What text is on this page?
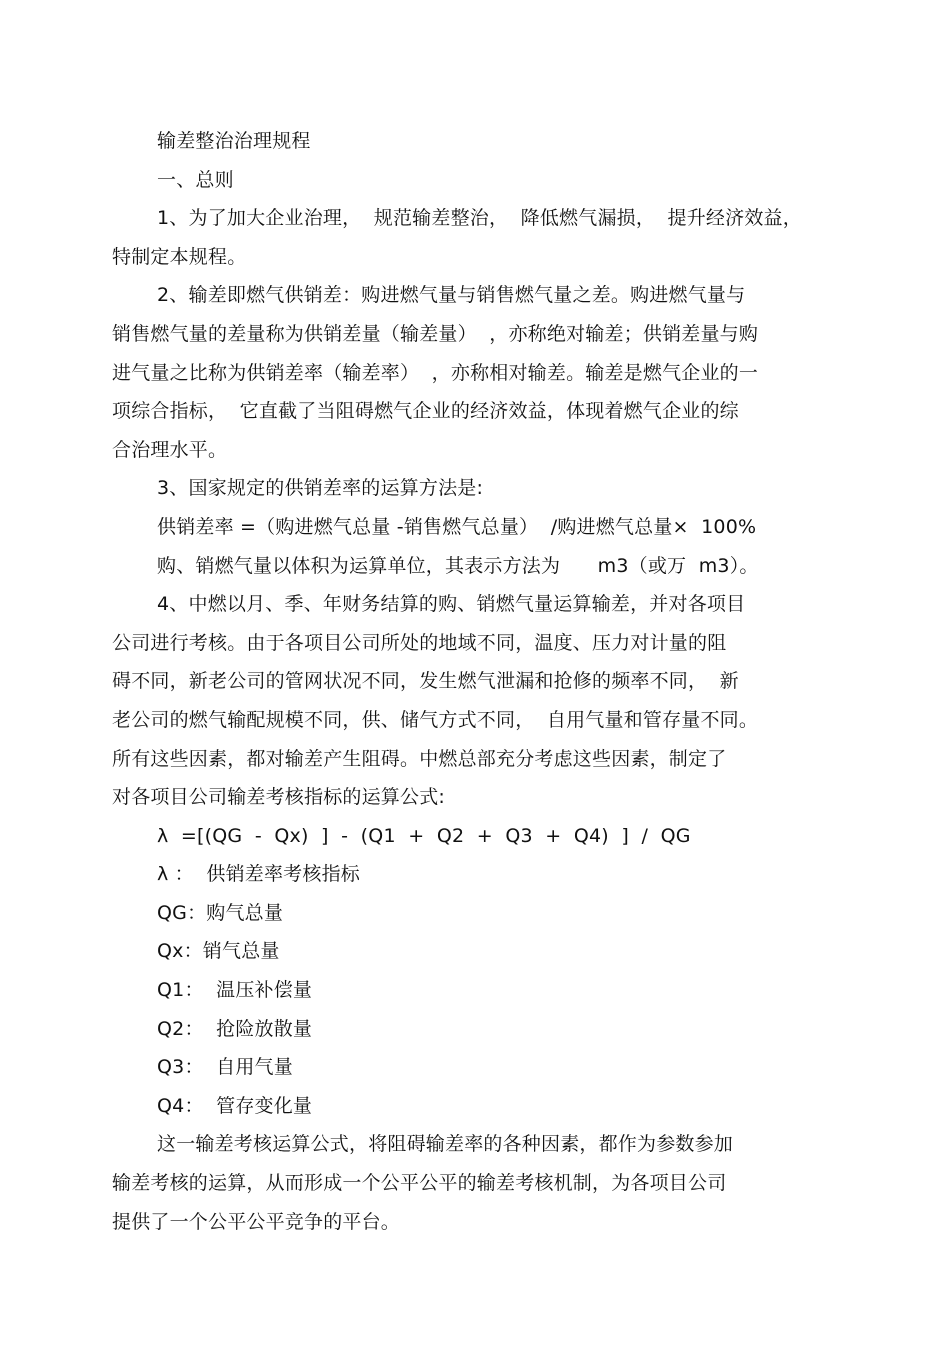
输差整治治理规程
一、总则
1、为了加大企业治理，  规范输差整治，  降低燃气漏损，  提升经济效益，
特制定本规程。
2、输差即燃气供销差：购进燃气量与销售燃气量之差。购进燃气量与
销售燃气量的差量称为供销差量（输差量）  ，亦称绝对输差；供销差量与购
进气量之比称为供销差率（输差率）  ，亦称相对输差。输差是燃气企业的一
项综合指标，  它直截了当阻碍燃气企业的经济效益，体现着燃气企业的综
合治理水平。
3、国家规定的供销差率的运算方法是:
供销差率 =（购进燃气总量 -销售燃气总量）  /购进燃气总量×  100%
购、销燃气量以体积为运算单位，其表示方法为      m3（或万  m3）。
4、中燃以月、季、年财务结算的购、销燃气量运算输差，并对各项目
公司进行考核。由于各项目公司所处的地域不同，温度、压力对计量的阻
碍不同，新老公司的管网状况不同，发生燃气泄漏和抢修的频率不同，  新
老公司的燃气输配规模不同，供、储气方式不同，  自用气量和管存量不同。
所有这些因素，都对输差产生阻碍。中燃总部充分考虑这些因素，制定了
对各项目公司输差考核指标的运算公式:
λ  =[(QG  -  Qx)  ]  -  (Q1  +  Q2  +  Q3  +  Q4)  ]  /  QG
λ ：  供销差率考核指标
QG：购气总量
Qx：销气总量
Q1：  温压补偿量
Q2：  抢险放散量
Q3：  自用气量
Q4：  管存变化量
这一输差考核运算公式，将阻碍输差率的各种因素，都作为参数参加
输差考核的运算，从而形成一个公平公平的输差考核机制，为各项目公司
提供了一个公平公平竞争的平台。
